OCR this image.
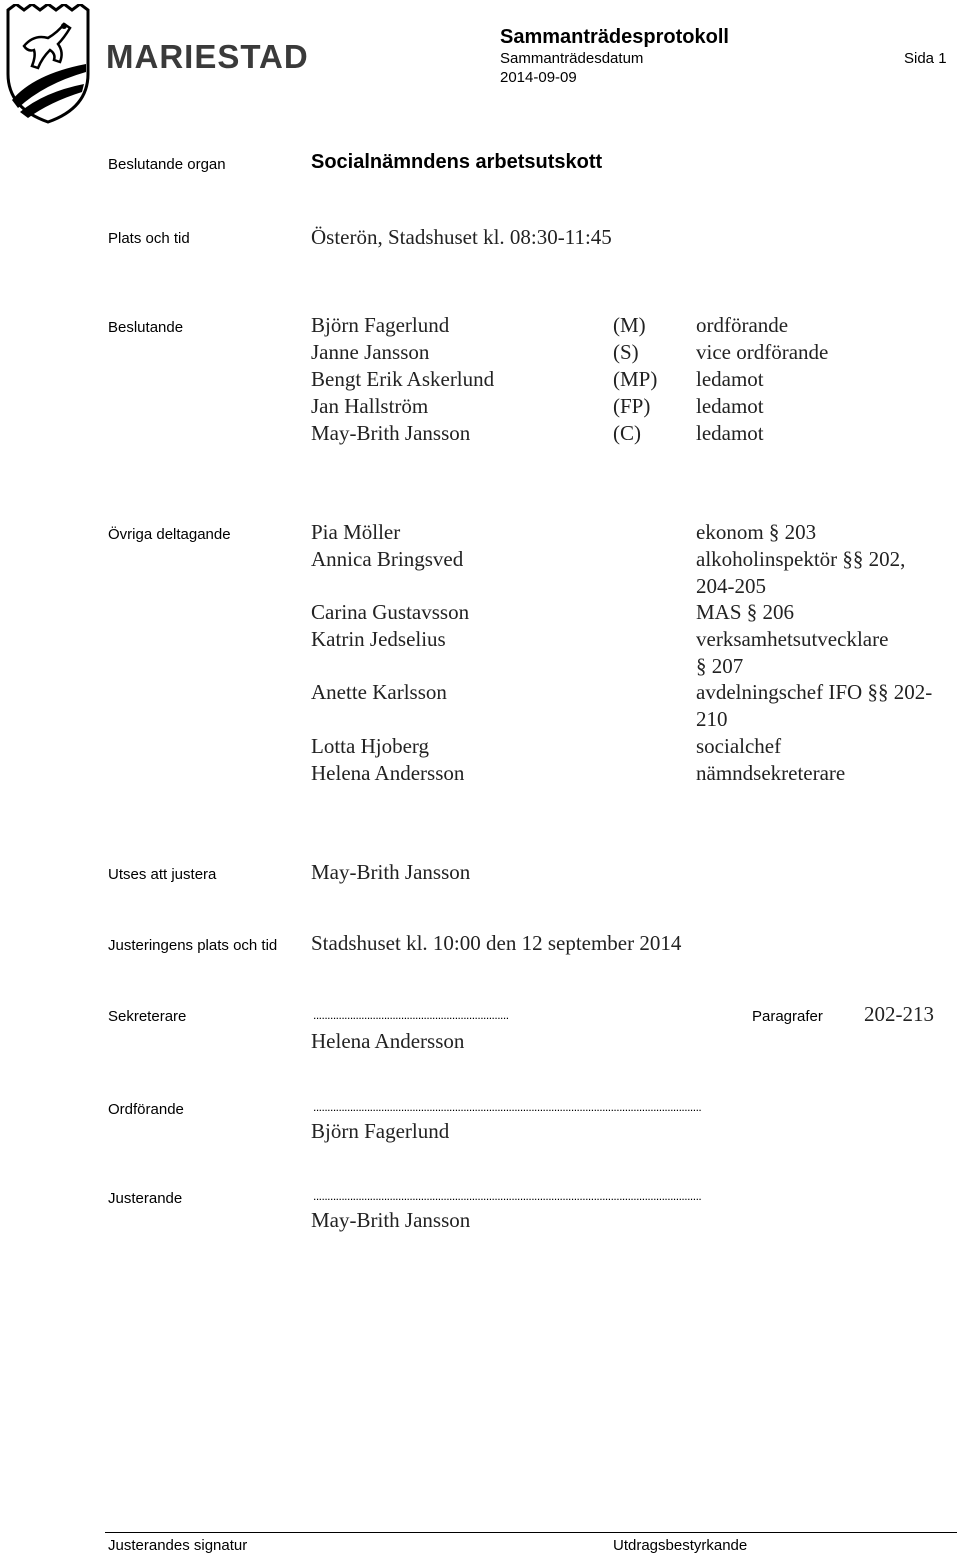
MARIESTAD
Sammanträdesprotokoll
Sammanträdesdatum
2014-09-09
Sida 1
Beslutande organ	Socialnämndens arbetsutskott
Plats och tid	Österön, Stadshuset kl. 08:30-11:45
Beslutande	Björn Fagerlund	(M) ordförande
Janne Jansson	(S)	vice ordförande
Bengt Erik Askerlund	(MP) ledamot
Jan Hallström	(FP) ledamot
May-Brith Jansson	(C)	ledamot
Övriga deltagande	Pia Möller	ekonom § 203
Annica Bringsved	alkoholinspektör §§ 202,
204-205
Carina Gustavsson	MAS § 206
Katrin Jedselius	verksamhetsutvecklare
§ 207
Anette Karlsson	avdelningschef IFO §§ 202-
210
Lotta Hjoberg	socialchef
Helena Andersson	nämndsekreterare
Utses att justera	May-Brith Jansson
Justeringens plats och tid Stadshuset kl. 10:00 den 12 september 2014
Sekreterare	.....................................................................
Helena Andersson
Paragrafer 202-213
Ordförande	.........................................................................................................................................
Björn Fagerlund
Justerande	.........................................................................................................................................
May-Brith Jansson
Justerandes signatur	Utdragsbestyrkande
